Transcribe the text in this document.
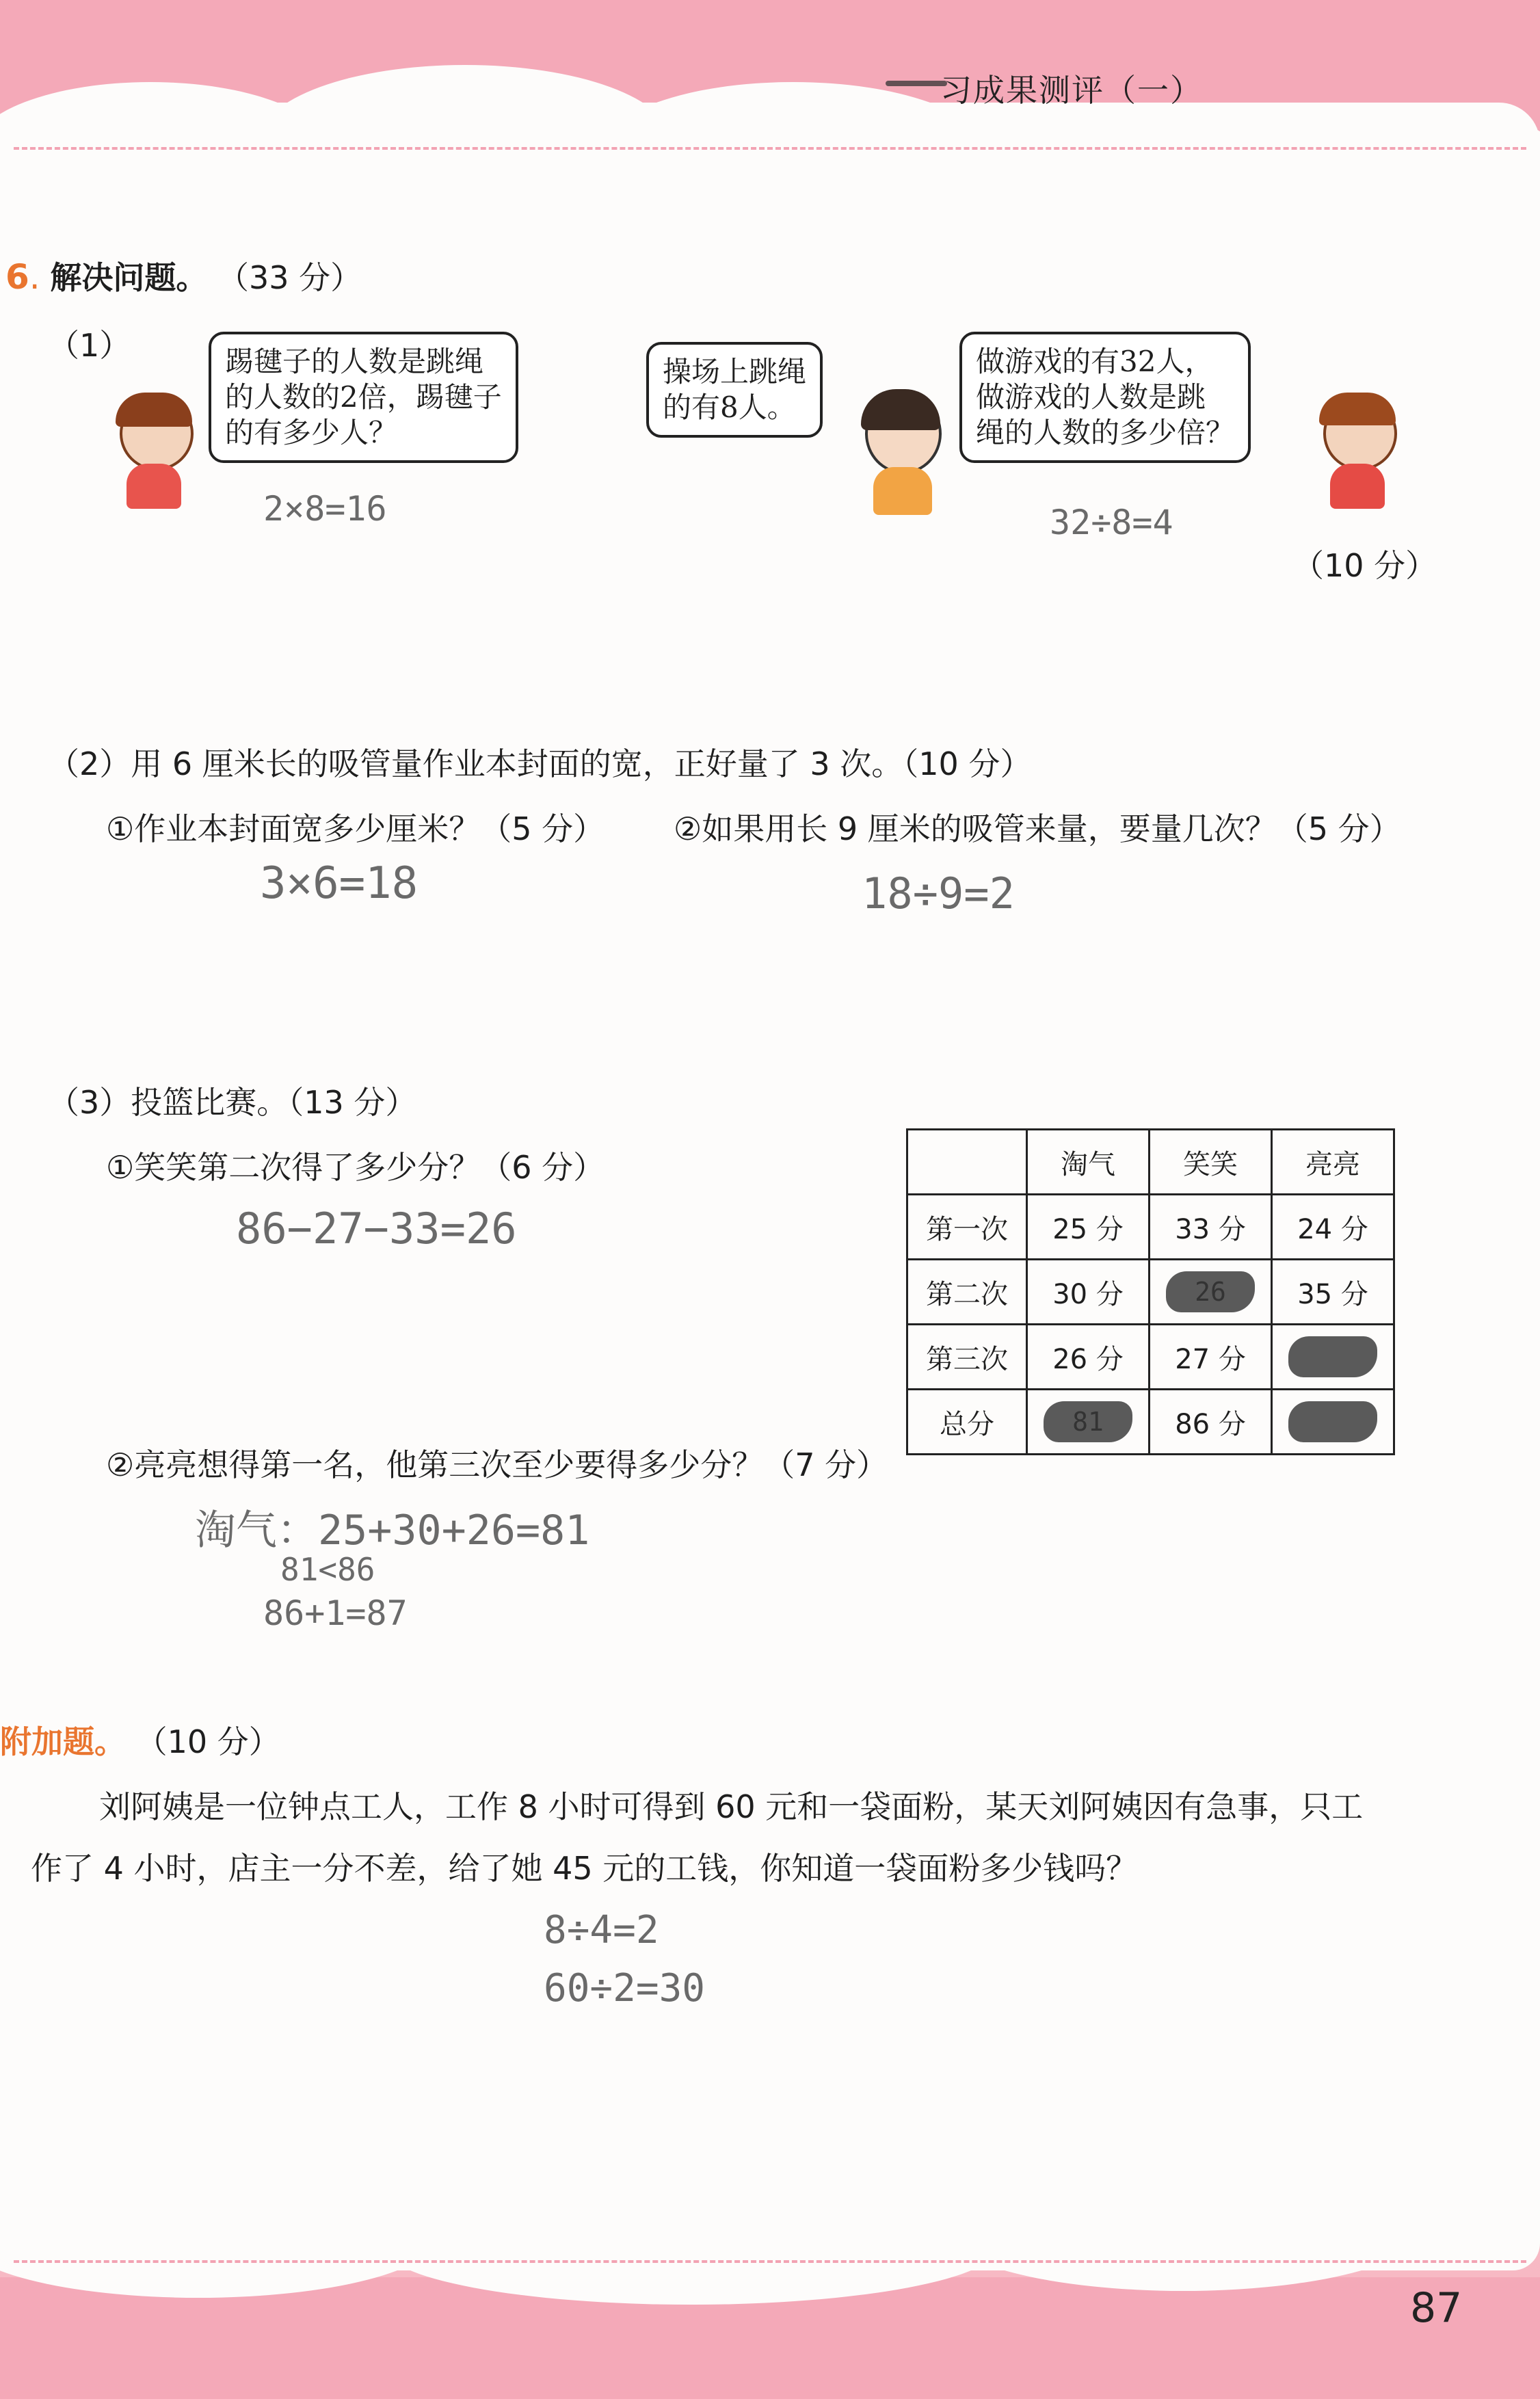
习成果测评（一）
6. 解决问题。 （33 分）
（1）	踢毽子的人数是跳绳
的人数的2倍，踢毽子
的有多少人？
操场上跳绳
的有8人。
做游戏的有32人，
做游戏的人数是跳
绳的人数的多少倍？
2×8=16	32÷8=4
（10 分）
（2）用 6 厘米长的吸管量作业本封面的宽，正好量了 3 次。（10 分）
①作业本封面宽多少厘米？（5 分） ②如果用长 9 厘米的吸管来量，要量几次？（5 分）
3×6=18	18÷9=2
（3）投篮比赛。（13 分）
①笑笑第二次得了多少分？（6 分）
86−27−33=26
	淘气	笑笑	亮亮
第一次	25 分	33 分	24 分
第二次	30 分	26	35 分
第三次	26 分	27 分	
总分	81	86 分	
②亮亮想得第一名，他第三次至少要得多少分？（7 分）
淘气：25+30+26=81
81<86
86+1=87
附加题。 （10 分）
刘阿姨是一位钟点工人，工作 8 小时可得到 60 元和一袋面粉，某天刘阿姨因有急事，只工
作了 4 小时，店主一分不差，给了她 45 元的工钱，你知道一袋面粉多少钱吗？
8÷4=2
60÷2=30
87
